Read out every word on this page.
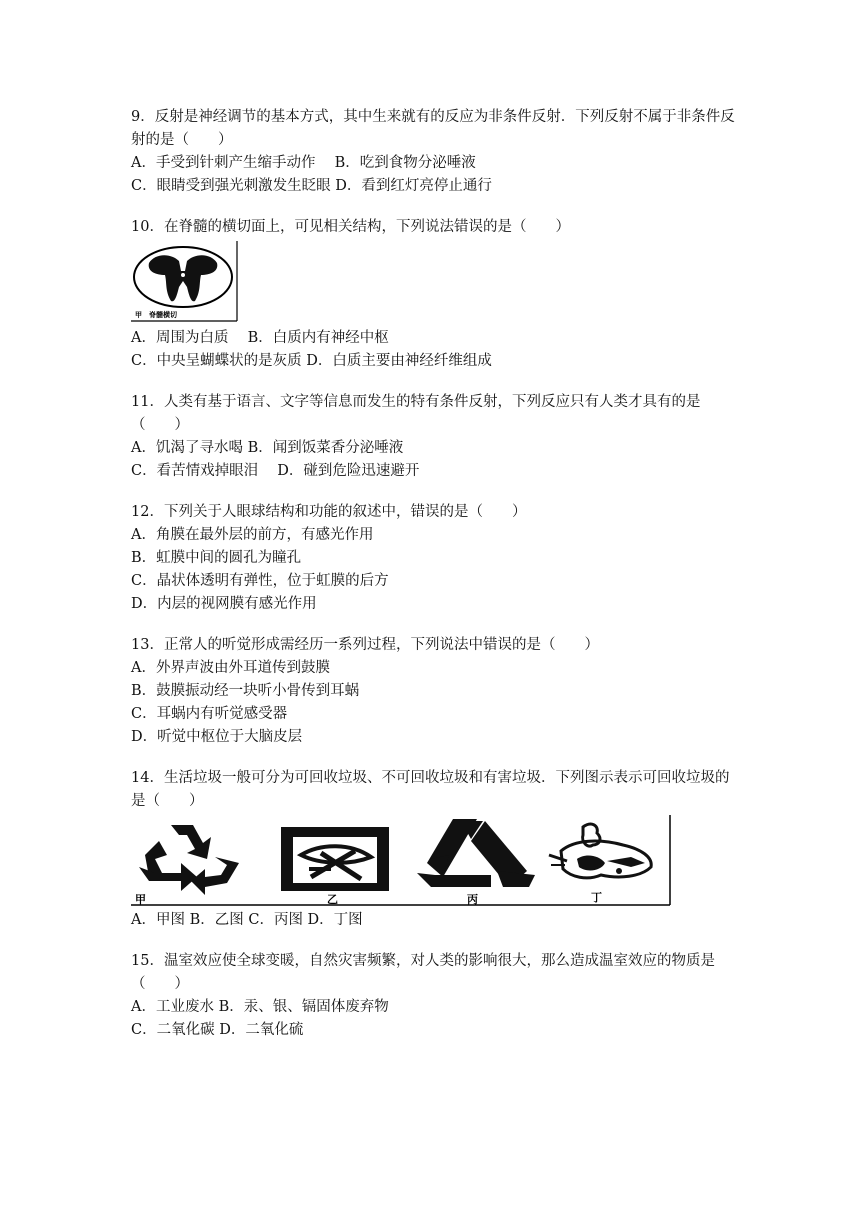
9．反射是神经调节的基本方式，其中生来就有的反应为非条件反射．下列反射不属于非条件反射的是（　　）
A．手受到针刺产生缩手动作　 B．吃到食物分泌唾液
C．眼睛受到强光刺激发生眨眼 D．看到红灯亮停止通行
10．在脊髓的横切面上，可见相关结构，下列说法错误的是（　　）
甲　脊髓横切
A．周围为白质　 B．白质内有神经中枢
C．中央呈蝴蝶状的是灰质 D．白质主要由神经纤维组成
11．人类有基于语言、文字等信息而发生的特有条件反射，下列反应只有人类才具有的是（　　）
A．饥渴了寻水喝 B．闻到饭菜香分泌唾液
C．看苦情戏掉眼泪　 D．碰到危险迅速避开
12．下列关于人眼球结构和功能的叙述中，错误的是（　　）
A．角膜在最外层的前方，有感光作用
B．虹膜中间的圆孔为瞳孔
C．晶状体透明有弹性，位于虹膜的后方
D．内层的视网膜有感光作用
13．正常人的听觉形成需经历一系列过程，下列说法中错误的是（　　）
A．外界声波由外耳道传到鼓膜
B．鼓膜振动经一块听小骨传到耳蜗
C．耳蜗内有听觉感受器
D．听觉中枢位于大脑皮层
14．生活垃圾一般可分为可回收垃圾、不可回收垃圾和有害垃圾．下列图示表示可回收垃圾的是（　　）
甲	乙	丙	丁
A．甲图 B．乙图 C．丙图 D．丁图
15．温室效应使全球变暖，自然灾害频繁，对人类的影响很大，那么造成温室效应的物质是（　　）
A．工业废水 B．汞、银、镉固体废弃物
C．二氧化碳 D．二氧化硫
